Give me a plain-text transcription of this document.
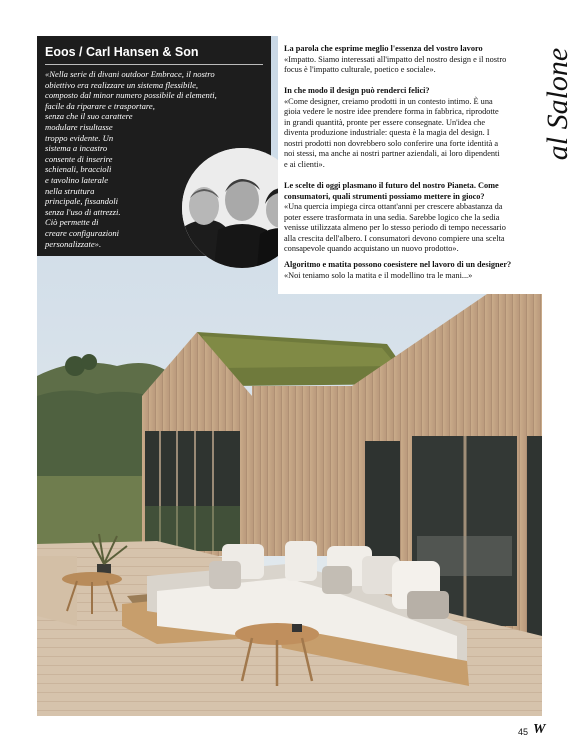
Eoos / Carl Hansen & Son
«Nella serie di divani outdoor Embrace, il nostro
obiettivo era realizzare un sistema flessibile,
composto dal minor numero possibile di elementi,
facile da riparare e trasportare,
senza che il suo carattere
modulare risultasse
troppo evidente. Un
sistema a incastro
consente di inserire
schienali, braccioli
e tavolino laterale
nella struttura
principale, fissandoli
senza l'uso di attrezzi.
Ciò permette di
creare configurazioni
personalizzate».
La parola che esprime meglio l'essenza del vostro lavoro
«Impatto. Siamo interessati all'impatto del nostro design e il nostro
focus è l'impatto culturale, poetico e sociale».
In che modo il design può renderci felici?
«Come designer, creiamo prodotti in un contesto intimo. È una
gioia vedere le nostre idee prendere forma in fabbrica, riprodotte
in grandi quantità, pronte per essere consegnate. Un'idea che
diventa produzione industriale: questa è la magia del design. I
nostri prodotti non dovrebbero solo conferire una forte identità a
noi stessi, ma anche ai nostri partner aziendali, ai loro dipendenti
e ai clienti».
Le scelte di oggi plasmano il futuro del nostro Pianeta. Come
consumatori, quali strumenti possiamo mettere in gioco?
«Una quercia impiega circa ottant'anni per crescere abbastanza da
poter essere trasformata in una sedia. Sarebbe logico che la sedia
venisse utilizzata almeno per lo stesso periodo di tempo necessario
alla crescita dell'albero. I consumatori devono compiere una scelta
consapevole quando acquistano un nuovo prodotto».
Algoritmo e matita possono coesistere nel lavoro di un designer?
«Noi teniamo solo la matita e il modellino tra le mani...»
al Salone
45 W
